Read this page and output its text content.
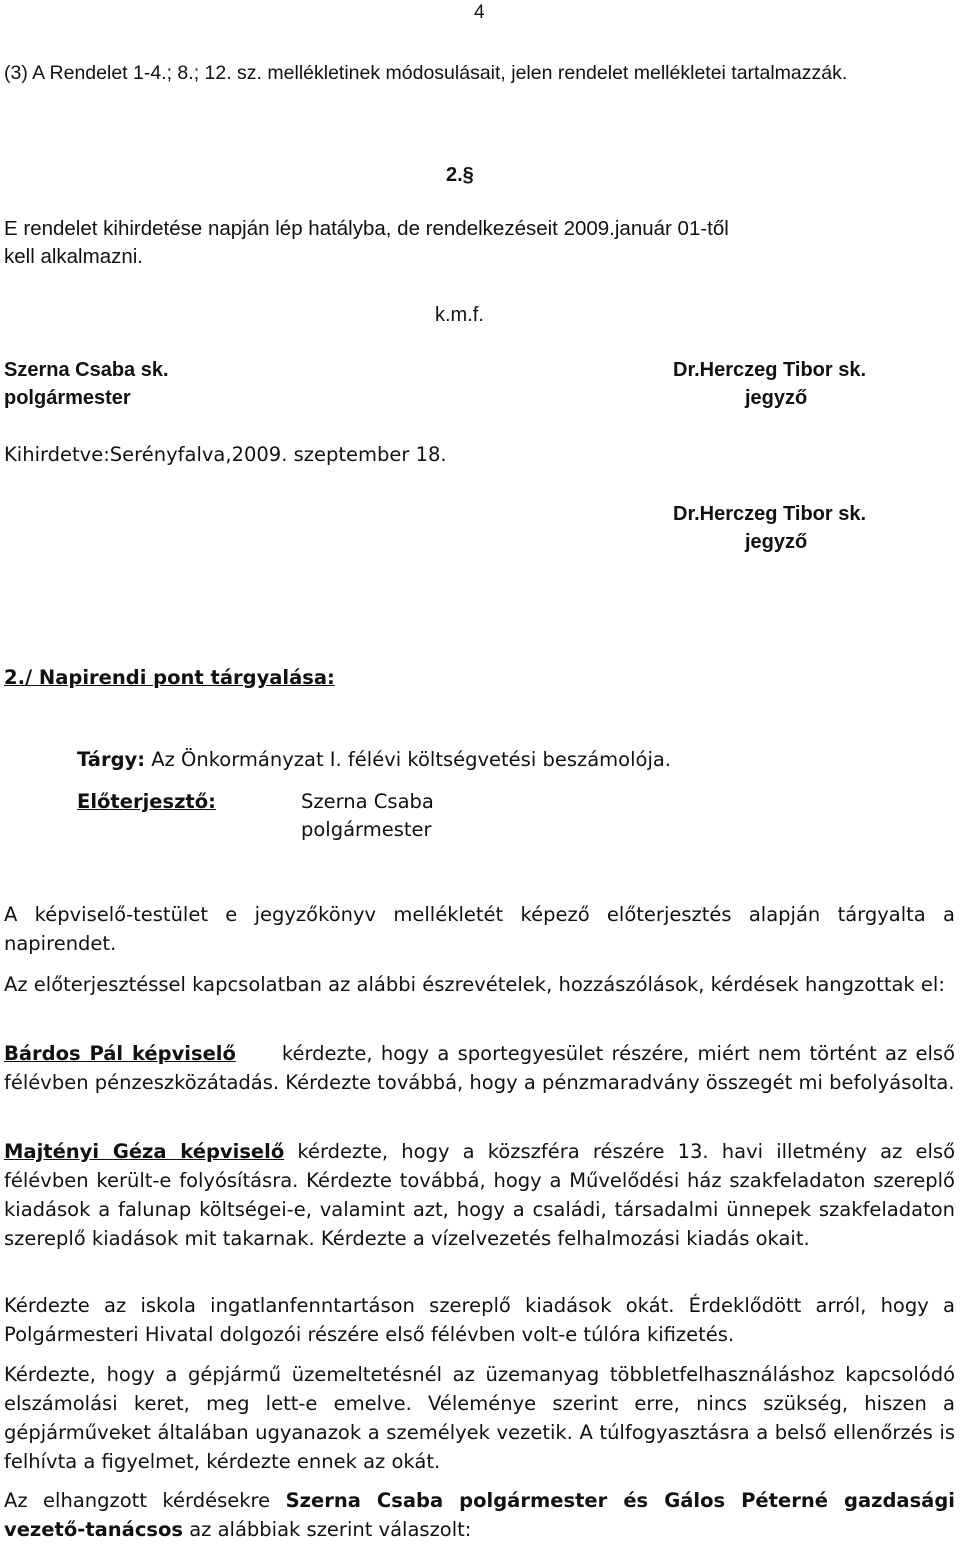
4
(3) A Rendelet 1-4.; 8.; 12. sz. mellékletinek módosulásait, jelen rendelet mellékletei tartalmazzák.
2.§
E rendelet kihirdetése napján lép hatályba, de rendelkezéseit 2009.január 01-től
kell alkalmazni.
k.m.f.
Szerna Csaba sk.
polgármester
Dr.Herczeg Tibor sk.
jegyző
Kihirdetve:Serényfalva,2009. szeptember 18.
Dr.Herczeg Tibor sk.
jegyző
2./ Napirendi pont tárgyalása:
Tárgy: Az Önkormányzat I. félévi költségvetési beszámolója.
Előterjesztő:	Szerna Csaba
polgármester
A képviselő-testület e jegyzőkönyv mellékletét képező előterjesztés alapján tárgyalta a napirendet.
Az előterjesztéssel kapcsolatban az alábbi észrevételek, hozzászólások, kérdések hangzottak el:
Bárdos Pál képviselő kérdezte, hogy a sportegyesület részére, miért nem történt az első félévben pénzeszközátadás. Kérdezte továbbá, hogy a pénzmaradvány összegét mi befolyásolta.
Majtényi Géza képviselő kérdezte, hogy a közszféra részére 13. havi illetmény az első félévben került-e folyósításra. Kérdezte továbbá, hogy a Művelődési ház szakfeladaton szereplő kiadások a falunap költségei-e, valamint azt, hogy a családi, társadalmi ünnepek szakfeladaton szereplő kiadások mit takarnak. Kérdezte a vízelvezetés felhalmozási kiadás okait.
Kérdezte az iskola ingatlanfenntartáson szereplő kiadások okát. Érdeklődött arról, hogy a Polgármesteri Hivatal dolgozói részére első félévben volt-e túlóra kifizetés.
Kérdezte, hogy a gépjármű üzemeltetésnél az üzemanyag többletfelhasználáshoz kapcsolódó elszámolási keret, meg lett-e emelve. Véleménye szerint erre, nincs szükség, hiszen a gépjárműveket általában ugyanazok a személyek vezetik. A túlfogyasztásra a belső ellenőrzés is felhívta a figyelmet, kérdezte ennek az okát.
Az elhangzott kérdésekre Szerna Csaba polgármester és Gálos Péterné gazdasági vezető-tanácsos az alábbiak szerint válaszolt:
